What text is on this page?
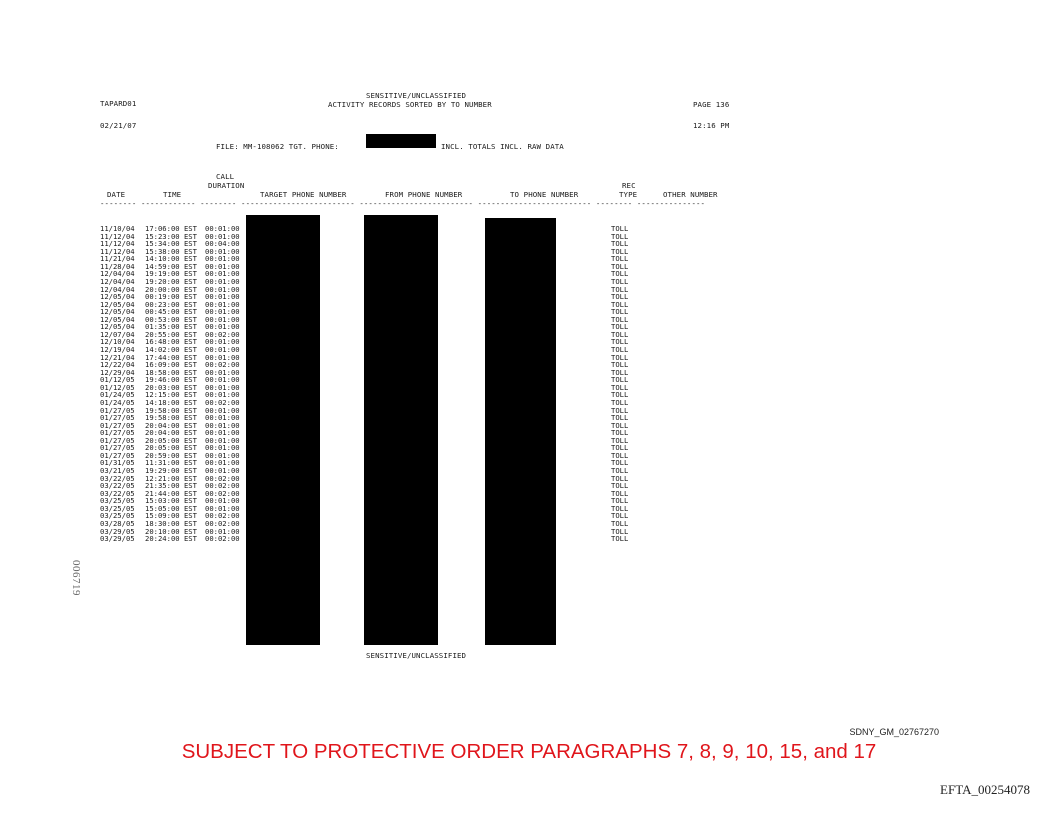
TAPARD01
SENSITIVE/UNCLASSIFIED
ACTIVITY RECORDS SORTED BY TO NUMBER	PAGE 136
02/21/07	12:16 PM
FILE: MM-108062 TGT. PHONE:	INCL. TOTALS INCL. RAW DATA
CALL
DURATION
DATE	TIME	TARGET PHONE NUMBER	FROM PHONE NUMBER	TO PHONE NUMBER
REC
TYPE	OTHER NUMBER
-------- ------------ -------- ------------------------- ------------------------- ------------------------- -------- ---------------
11/10/04 17:06:00 EST 00:01:00	TOLL
11/12/04 15:23:00 EST 00:01:00	TOLL
11/12/04 15:34:00 EST 00:04:00	TOLL
11/12/04 15:38:00 EST 00:01:00	TOLL
11/21/04 14:10:00 EST 00:01:00	TOLL
11/28/04 14:59:00 EST 00:01:00	TOLL
12/04/04 19:19:00 EST 00:01:00	TOLL
12/04/04 19:20:00 EST 00:01:00	TOLL
12/04/04 20:00:00 EST 00:01:00	TOLL
12/05/04 00:19:00 EST 00:01:00	TOLL
12/05/04 00:23:00 EST 00:01:00	TOLL
12/05/04 00:45:00 EST 00:01:00	TOLL
12/05/04 00:53:00 EST 00:01:00	TOLL
12/05/04 01:35:00 EST 00:01:00	TOLL
12/07/04 20:55:00 EST 00:02:00	TOLL
12/10/04 16:48:00 EST 00:01:00	TOLL
12/19/04 14:02:00 EST 00:01:00	TOLL
12/21/04 17:44:00 EST 00:01:00	TOLL
12/22/04 16:09:00 EST 00:02:00	TOLL
12/29/04 18:58:00 EST 00:01:00	TOLL
01/12/05 19:46:00 EST 00:01:00	TOLL
01/12/05 20:03:00 EST 00:01:00	TOLL
01/24/05 12:15:00 EST 00:01:00	TOLL
01/24/05 14:18:00 EST 00:02:00	TOLL
01/27/05 19:58:00 EST 00:01:00	TOLL
01/27/05 19:58:00 EST 00:01:00	TOLL
01/27/05 20:04:00 EST 00:01:00	TOLL
01/27/05 20:04:00 EST 00:01:00	TOLL
01/27/05 20:05:00 EST 00:01:00	TOLL
01/27/05 20:05:00 EST 00:01:00	TOLL
01/27/05 20:59:00 EST 00:01:00	TOLL
01/31/05 11:31:00 EST 00:01:00	TOLL
03/21/05 19:29:00 EST 00:01:00	TOLL
03/22/05 12:21:00 EST 00:02:00	TOLL
03/22/05 21:35:00 EST 00:02:00	TOLL
03/22/05 21:44:00 EST 00:02:00	TOLL
03/25/05 15:03:00 EST 00:01:00	TOLL
03/25/05 15:05:00 EST 00:01:00	TOLL
03/25/05 15:09:00 EST 00:02:00	TOLL
03/28/05 18:30:00 EST 00:02:00	TOLL
03/29/05 20:10:00 EST 00:01:00	TOLL
03/29/05 20:24:00 EST 00:02:00	TOLL
SENSITIVE/UNCLASSIFIED
006719
SDNY_GM_02767270
SUBJECT TO PROTECTIVE ORDER PARAGRAPHS 7, 8, 9, 10, 15, and 17
EFTA_00254078
